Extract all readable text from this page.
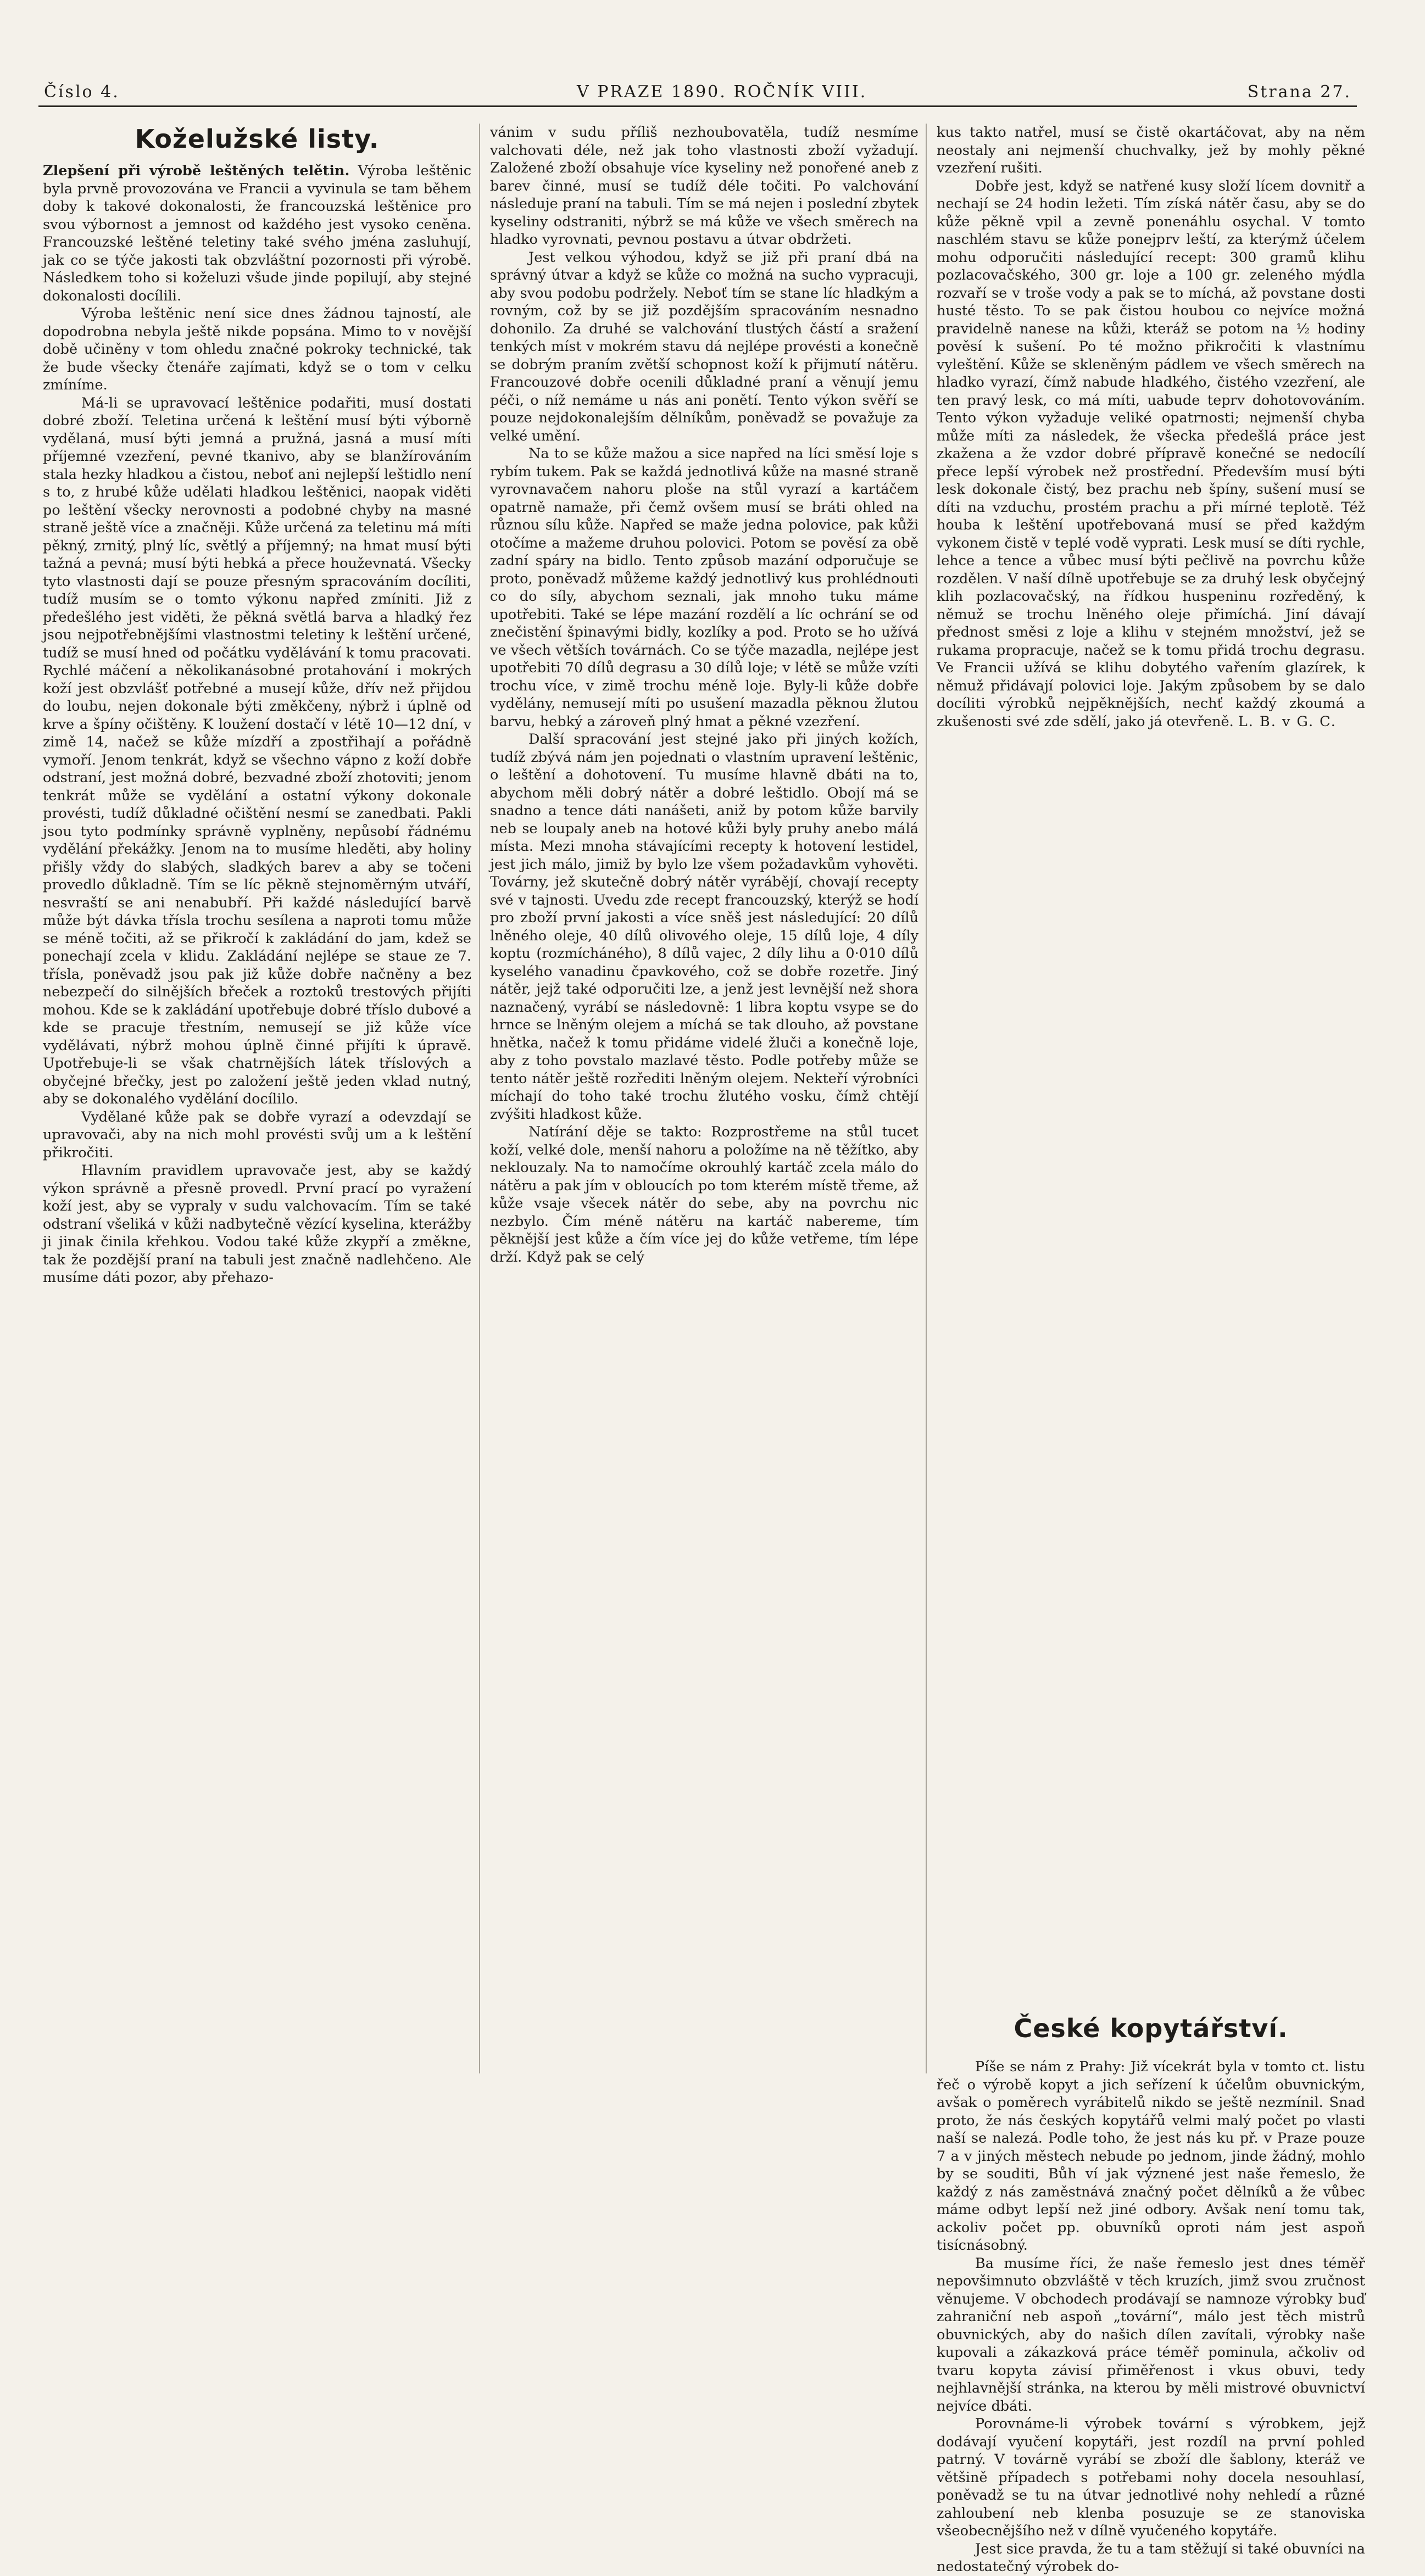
Číslo 4.	V PRAZE 1890. ROČNÍK VIII.	Strana 27.
Koželužské listy.

Zlepšení při výrobě leštěných telětin. Výroba leštěnic byla prvně provozována ve Francii a vyvinula se tam během doby k takové dokonalosti, že francouzská leštěnice pro svou výbornost a jemnost od každého jest vysoko ceněna. Francouzské leštěné teletiny také svého jména zasluhují, jak co se týče jakosti tak obzvláštní pozornosti při výrobě. Následkem toho si koželuzi všude jinde popilují, aby stejné dokonalosti docílili.

Výroba leštěnic není sice dnes žádnou tajností, ale dopodrobna nebyla ještě nikde popsána. Mimo to v novější době učiněny v tom ohledu značné pokroky technické, tak že bude všecky čtenáře zajímati, když se o tom v celku zmíníme.

Má-li se upravovací leštěnice podařiti, musí dostati dobré zboží. Teletina určená k leštění musí býti výborně vydělaná, musí býti jemná a pružná, jasná a musí míti příjemné vzezření, pevné tkanivo, aby se blanžírováním stala hezky hladkou a čistou, neboť ani nejlepší leštidlo není s to, z hrubé kůže udělati hladkou leštěnici, naopak viděti po leštění všecky nerovnosti a podobné chyby na masné straně ještě více a značněji. Kůže určená za teletinu má míti pěkný, zrnitý, plný líc, světlý a příjemný; na hmat musí býti tažná a pevná; musí býti hebká a přece houževnatá. Všecky tyto vlastnosti dají se pouze přesným spracováním docíliti, tudíž musím se o tomto výkonu napřed zmíniti. Již z předešlého jest viděti, že pěkná světlá barva a hladký řez jsou nejpotřebnějšími vlastnostmi teletiny k leštění určené, tudíž se musí hned od počátku vydělávání k tomu pracovati. Rychlé máčení a několikanásobné protahování i mokrých koží jest obzvlášť potřebné a musejí kůže, dřív než přijdou do loubu, nejen dokonale býti změkčeny, nýbrž i úplně od krve a špíny očištěny. K loužení dostačí v létě 10—12 dní, v zimě 14, načež se kůže mízdří a zpostřihají a pořádně vymoří. Jenom tenkrát, když se všechno vápno z koží dobře odstraní, jest možná dobré, bezvadné zboží zhotoviti; jenom tenkrát může se vydělání a ostatní výkony dokonale provésti, tudíž důkladné očištění nesmí se zanedbati. Pakli jsou tyto podmínky správně vyplněny, nepůsobí řádnému vydělání překážky. Jenom na to musíme hleděti, aby holiny přišly vždy do slabých, sladkých barev a aby se točeni provedlo důkladně. Tím se líc pěkně stejnoměrným utváří, nesvraští se ani nenabubří. Při každé následující barvě může být dávka tříslа trochu sesílena a naproti tomu může se méně točiti, až se přikročí k zakládání do jam, kdež se ponechají zcela v klidu. Zakládání nejlépe se staue ze 7. tříslа, poněvadž jsou pak již kůže dobře načněny a bez nebezpečí do silnějších břeček a roztoků trestových přijíti mohou. Kde se k zakládání upotřebuje dobré tříslo dubové a kde se pracuje třestním, nemusejí se již kůže více vydělávati, nýbrž mohou úplně činné přijíti k úpravě. Upotřebuje-li se však chatrnějších látek tříslových a obyčejné břečky, jest po založení ještě jeden vklad nutný, aby se dokonalého vydělání docílilo.

Vydělané kůže pak se dobře vyrazí a odevzdají se upravovači, aby na nich mohl provésti svůj um a k leštění přikročiti.

Hlavním pravidlem upravovače jest, aby se každý výkon správně a přesně provedl. První prací po vyražení koží jest, aby se vypraly v sudu valchovacím. Tím se také odstraní všeliká v kůži nadbytečně vězící kyselina, kterážby ji jinak činila křehkou. Vodou také kůže zkypří a změkne, tak že pozdější praní na tabuli jest značně nadlehčeno. Ale musíme dáti pozor, aby přehazo-

vánim v sudu příliš nezhoubovatěla, tudíž nesmíme valchovati déle, než jak toho vlastnosti zboží vyžadují. Založené zboží obsahuje více kyseliny než ponořené aneb z barev činné, musí se tudíž déle točiti. Po valchování následuje praní na tabuli. Tím se má nejen i poslední zbytek kyseliny odstraniti, nýbrž se má kůže ve všech směrech na hladko vyrovnati, pevnou postavu a útvar obdržeti.

Jest velkou výhodou, když se již při praní dbá na správný útvar a když se kůže co možná na sucho vypracuji, aby svou podobu podržely. Neboť tím se stane líc hladkým a rovným, což by se již pozdějším spracováním nesnadno dohonilo. Za druhé se valchování tlustých částí a sražení tenkých míst v mokrém stavu dá nejlépe provésti a konečně se dobrým praním zvětší schopnost koží k přijmutí nátěru. Francouzové dobře ocenili důkladné praní a věnují jemu péči, o níž nemáme u nás ani ponětí. Tento výkon svěří se pouze nejdokonalejším dělníkům, poněvadž se považuje za velké umění.

Na to se kůže mažou a sice napřed na líci směsí loje s rybím tukem. Pak se každá jednotlivá kůže na masné straně vyrovnavačem nahoru ploše na stůl vyrazí a kartáčem opatrně namaže, při čemž ovšem musí se bráti ohled na různou sílu kůže. Napřed se maže jedna polovice, pak kůži otočíme a mažeme druhou polovici. Potom se pověsí za obě zadní spáry na bidlo. Tento způsob mazání odporučuje se proto, poněvadž můžeme každý jednotlivý kus prohlédnouti co do síly, abychom seznali, jak mnoho tuku máme upotřebiti. Také se lépe mazání rozdělí a líc ochrání se od znečistění špinavými bidly, kozlíky a pod. Proto se ho užívá ve všech větších továrnách. Co se týče mazadla, nejlépe jest upotřebiti 70 dílů degrasu a 30 dílů loje; v létě se může vzíti trochu více, v zimě trochu méně loje. Byly-li kůže dobře vydělány, nemusejí míti po usušení mazadla pěknou žlutou barvu, hebký a zároveň plný hmat a pěkné vzezření.

Další spracování jest stejné jako při jiných kožích, tudíž zbývá nám jen pojednati o vlastním upravení leštěnic, o leštění a dohotovení. Tu musíme hlavně dbáti na to, abychom měli dobrý nátěr a dobré leštidlo. Obojí má se snadno a tence dáti nanášeti, aniž by potom kůže barvily neb se loupaly aneb na hotové kůži byly pruhy anebo málá místa. Mezi mnoha stávajícími recepty k hotovení lestidel, jest jich málo, jimiž by bylo lze všem požadavkům vyhověti. Továrny, jež skutečně dobrý nátěr vyrábějí, chovají recepty své v tajnosti. Uvedu zde recept francouzský, kterýž se hodí pro zboží první jakosti a více sněš jest následující: 20 dílů lněného oleje, 40 dílů olivového oleje, 15 dílů loje, 4 díly koptu (rozmícháného), 8 dílů vajec, 2 díly lihu a 0·010 dílů kyselého vanadinu čpavkového, což se dobře rozetře. Jiný nátěr, jejž také odporučiti lze, a jenž jest levnější než shora naznačený, vyrábí se následovně: 1 libra koptu vsype se do hrnce se lněným olejem a míchá se tak dlouho, až povstane hnětka, načež k tomu přidáme videlé žluči a konečně loje, aby z toho povstalo mazlavé těsto. Podle potřeby může se tento nátěr ještě rozřediti lněným olejem. Nekteří výrobníci míchají do toho také trochu žlutého vosku, čímž chtějí zvýšiti hladkost kůže.

Natírání děje se takto: Rozprostřeme na stůl tucet koží, velké dole, menší nahoru a položíme na ně těžítko, aby neklouzaly. Na to namočíme okrouhlý kartáč zcela málo do nátěru a pak jím v obloucích po tom kterém místě třeme, až kůže vsaje všecek nátěr do sebe, aby na povrchu nic nezbylo. Čím méně nátěru na kartáč nabereme, tím pěknější jest kůže a čím více jej do kůže vetřeme, tím lépe drží. Když pak se celý

kus takto natřel, musí se čistě okartáčovat, aby na něm neostaly ani nejmenší chuchvalky, jež by mohly pěkné vzezření rušiti.

Dobře jest, když se natřené kusy složí lícem dovnitř a nechají se 24 hodin ležeti. Tím získá nátěr času, aby se do kůže pěkně vpil a zevně ponenáhlu osychal. V tomto naschlém stavu se kůže ponejprv leští, za kterýmž účelem mohu odporučiti následující recept: 300 gramů klihu pozlacovačského, 300 gr. loje a 100 gr. zeleného mýdla rozvaří se v troše vody a pak se to míchá, až povstane dosti husté těsto. To se pak čistou houbou co nejvíce možná pravidelně nanese na kůži, kteráž se potom na ½ hodiny pověsí k sušení. Po té možno přikročiti k vlastnímu vyleštění. Kůže se skleněným pádlem ve všech směrech na hladko vyrazí, čímž nabude hladkého, čistého vzezření, ale ten pravý lesk, co má míti, uabude teprv dohotovováním. Tento výkon vyžaduje veliké opatrnosti; nejmenší chyba může míti za následek, že všecka předešlá práce jest zkažena a že vzdor dobré přípravě konečné se nedocílí přece lepší výrobek než prostřední. Především musí býti lesk dokonale čistý, bez prachu neb špíny, sušení musí se díti na vzduchu, prostém prachu a při mírné teplotě. Též houba k leštění upotřebovaná musí se před každým vykonem čistě v teplé vodě vyprati. Lesk musí se díti rychle, lehce a tence a vůbec musí býti pečlivě na povrchu kůže rozdělen. V naší dílně upotřebuje se za druhý lesk obyčejný klih pozlacovačský, na řídkou huspeninu rozředěný, k němuž se trochu lněného oleje přimíchá. Jiní dávají přednost směsi z loje a klihu v stejném množství, jež se rukama propracuje, načež se k tomu přidá trochu degrasu. Ve Francii užívá se klihu dobytého vařením glazírek, k němuž přidávají polovici loje. Jakým způsobem by se dalo docíliti výrobků nejpěknějších, nechť každý zkoumá a zkušenosti své zde sdělí, jako já otevřeně. L. B. v G. C.

České kopytářství.

Píše se nám z Prahy: Již vícekrát byla v tomto ct. listu řeč o výrobě kopyt a jich seřízení k účelům obuvnickým, avšak o poměrech vyrábitelů nikdo se ještě nezmínil. Snad proto, že nás českých kopytářů velmi malý počet po vlasti naší se nalezá. Podle toho, že jest nás ku př. v Praze pouze 7 a v jiných městech nebude po jednom, jinde žádný, mohlo by se souditi, Bůh ví jak význené jest naše řemeslo, že každý z nás zaměstnává značný počet dělníků a že vůbec máme odbyt lepší než jiné odbory. Avšak není tomu tak, ackoliv počet pp. obuvníků oproti nám jest aspoň tisícnásobný.

Ba musíme říci, že naše řemeslo jest dnes téměř nepovšimnuto obzvláště v těch kruzích, jimž svou zručnost věnujeme. V obchodech prodávají se namnoze výrobky buď zahraniční neb aspoň „tovární“, málo jest těch mistrů obuvnických, aby do našich dílen zavítali, výrobky naše kupovali a zákazková práce téměř pominula, ačkoliv od tvaru kopyta závisí přiměřenost i vkus obuvi, tedy nejhlavnější stránka, na kterou by měli mistrové obuvnictví nejvíce dbáti.

Porovnáme-li výrobek tovární s výrobkem, jejž dodávají vyučení kopytáři, jest rozdíl na první pohled patrný. V továrně vyrábí se zboží dle šablony, kteráž ve většině případech s potřebami nohy docela nesouhlasí, poněvadž se tu na útvar jednotlivé nohy nehledí a různé zahloubení neb klenba posuzuje se ze stanoviska všeobecnějšího než v dílně vyučeného kopytáře.

Jest sice pravda, že tu a tam stěžují si také obuvníci na nedostatečný výrobek do-
